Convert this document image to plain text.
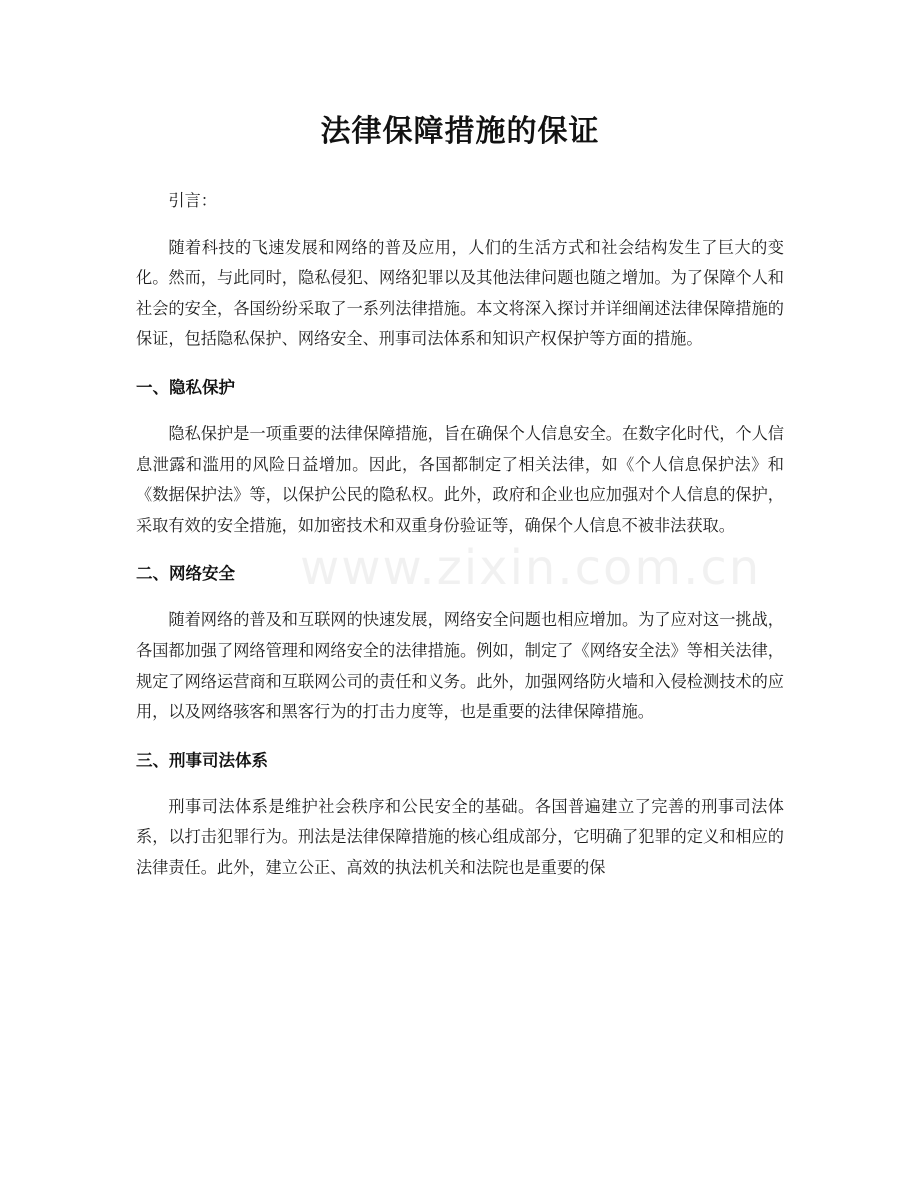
法律保障措施的保证

引言：

随着科技的飞速发展和网络的普及应用，人们的生活方式和社会结构发生了巨大的变化。然而，与此同时，隐私侵犯、网络犯罪以及其他法律问题也随之增加。为了保障个人和社会的安全，各国纷纷采取了一系列法律措施。本文将深入探讨并详细阐述法律保障措施的保证，包括隐私保护、网络安全、刑事司法体系和知识产权保护等方面的措施。

一、隐私保护

隐私保护是一项重要的法律保障措施，旨在确保个人信息安全。在数字化时代，个人信息泄露和滥用的风险日益增加。因此，各国都制定了相关法律，如《个人信息保护法》和《数据保护法》等，以保护公民的隐私权。此外，政府和企业也应加强对个人信息的保护，采取有效的安全措施，如加密技术和双重身份验证等，确保个人信息不被非法获取。

二、网络安全

随着网络的普及和互联网的快速发展，网络安全问题也相应增加。为了应对这一挑战，各国都加强了网络管理和网络安全的法律措施。例如，制定了《网络安全法》等相关法律，规定了网络运营商和互联网公司的责任和义务。此外，加强网络防火墙和入侵检测技术的应用，以及网络骇客和黑客行为的打击力度等，也是重要的法律保障措施。

三、刑事司法体系

刑事司法体系是维护社会秩序和公民安全的基础。各国普遍建立了完善的刑事司法体系，以打击犯罪行为。刑法是法律保障措施的核心组成部分，它明确了犯罪的定义和相应的法律责任。此外，建立公正、高效的执法机关和法院也是重要的保

www.zixin.com.cn
